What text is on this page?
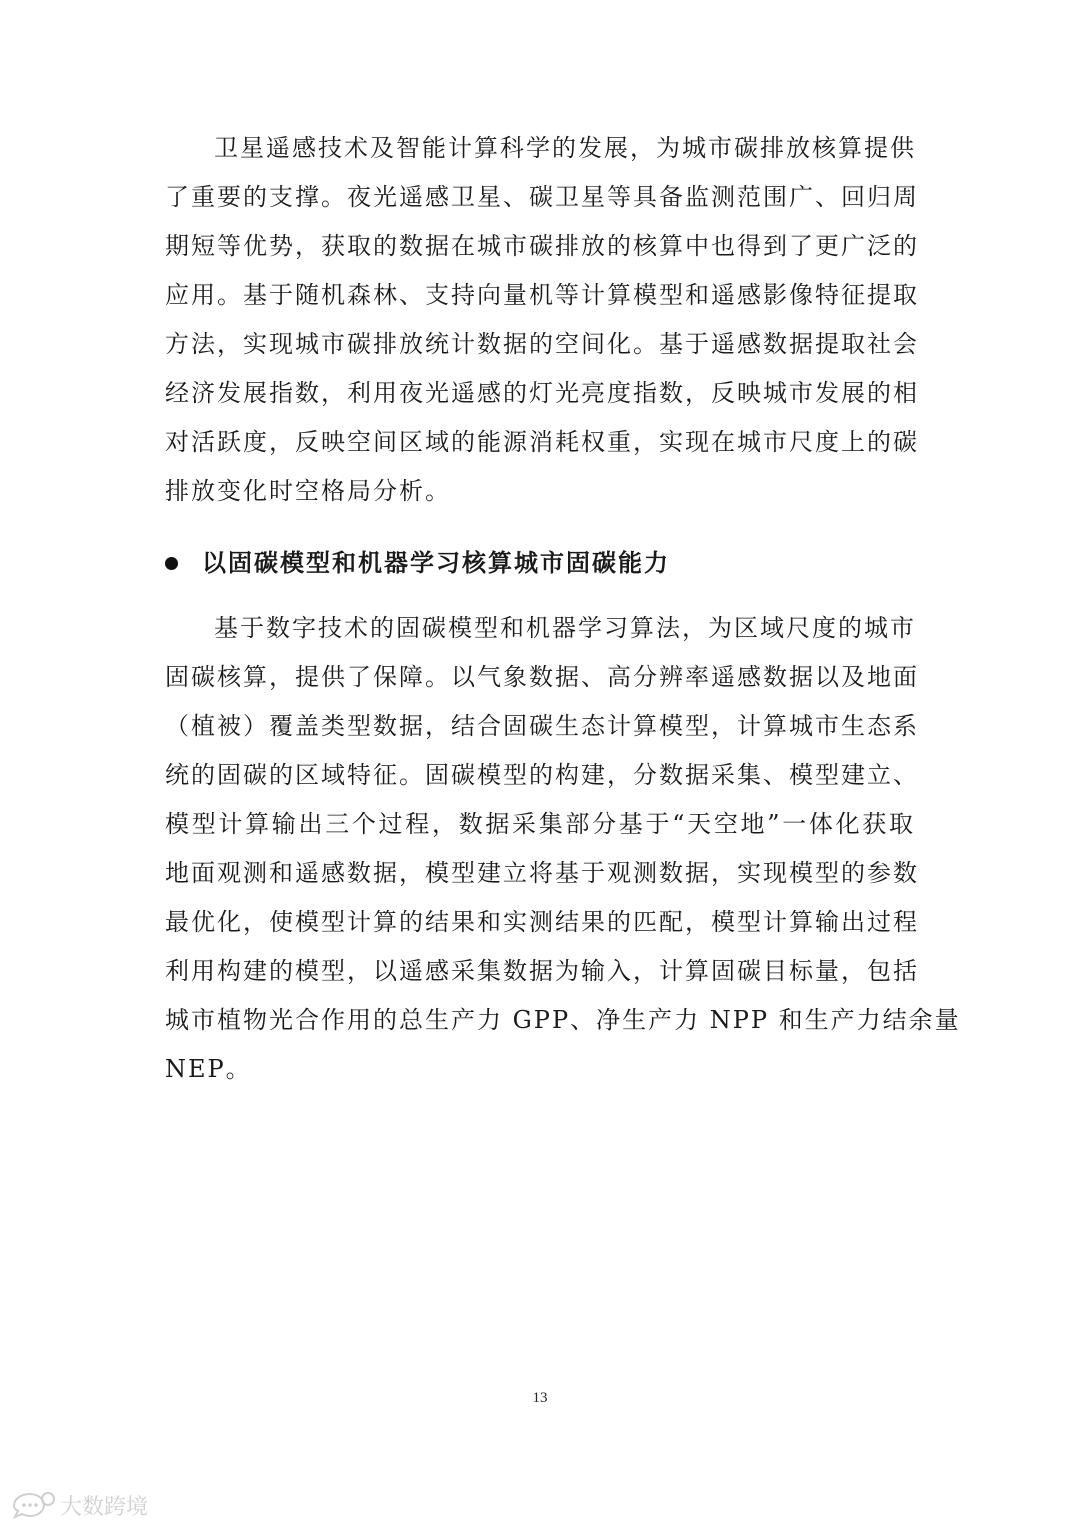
卫星遥感技术及智能计算科学的发展，为城市碳排放核算提供
了重要的支撑。夜光遥感卫星、碳卫星等具备监测范围广、回归周
期短等优势，获取的数据在城市碳排放的核算中也得到了更广泛的
应用。基于随机森林、支持向量机等计算模型和遥感影像特征提取
方法，实现城市碳排放统计数据的空间化。基于遥感数据提取社会
经济发展指数，利用夜光遥感的灯光亮度指数，反映城市发展的相
对活跃度，反映空间区域的能源消耗权重，实现在城市尺度上的碳
排放变化时空格局分析。
以固碳模型和机器学习核算城市固碳能力
基于数字技术的固碳模型和机器学习算法，为区域尺度的城市
固碳核算，提供了保障。以气象数据、高分辨率遥感数据以及地面
（植被）覆盖类型数据，结合固碳生态计算模型，计算城市生态系
统的固碳的区域特征。固碳模型的构建，分数据采集、模型建立、
模型计算输出三个过程，数据采集部分基于“天空地”一体化获取
地面观测和遥感数据，模型建立将基于观测数据，实现模型的参数
最优化，使模型计算的结果和实测结果的匹配，模型计算输出过程
利用构建的模型，以遥感采集数据为输入，计算固碳目标量，包括
城市植物光合作用的总生产力 GPP、净生产力 NPP 和生产力结余量
NEP。
13
大数跨境
